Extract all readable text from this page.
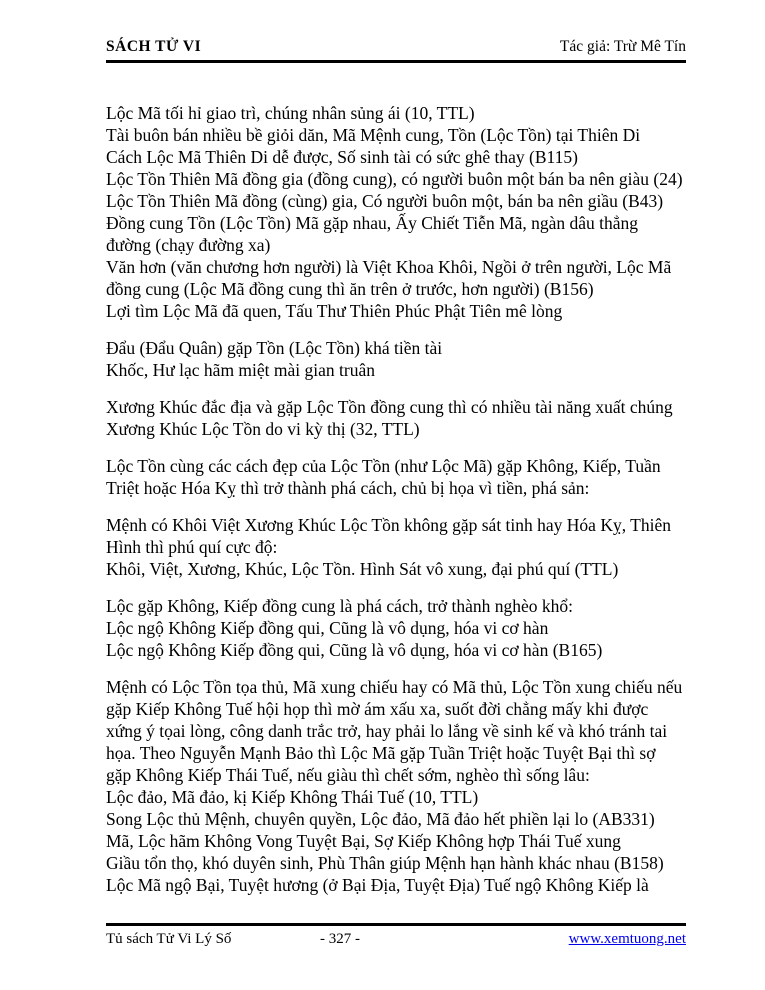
SÁCH TỬ VI	Tác giả: Trừ Mê Tín

Lộc Mã tối hỉ giao trì, chúng nhân sủng ái (10, TTL)
Tài buôn bán nhiều bề giỏi dăn, Mã Mệnh cung, Tồn (Lộc Tồn) tại Thiên Di
Cách Lộc Mã Thiên Di dễ được, Số sinh tài có sức ghê thay (B115)
Lộc Tồn Thiên Mã đồng gia (đồng cung), có người buôn một bán ba nên giàu (24)
Lộc Tồn Thiên Mã đồng (cùng) gia, Có người buôn một, bán ba nên giầu (B43)
Đồng cung Tồn (Lộc Tồn) Mã gặp nhau, Ấy Chiết Tiễn Mã, ngàn dâu thẳng
đường (chạy đường xa)
Văn hơn (văn chương hơn người) là Việt Khoa Khôi, Ngồi ở trên người, Lộc Mã
đồng cung (Lộc Mã đồng cung thì ăn trên ở trước, hơn người) (B156)
Lợi tìm Lộc Mã đã quen, Tấu Thư Thiên Phúc Phật Tiên mê lòng

Đẩu (Đẩu Quân) gặp Tồn (Lộc Tồn) khá tiền tài
Khốc, Hư lạc hãm miệt mài gian truân

Xương Khúc đắc địa và gặp Lộc Tồn đồng cung thì có nhiều tài năng xuất chúng
Xương Khúc Lộc Tồn do vi kỳ thị (32, TTL)

Lộc Tồn cùng các cách đẹp của Lộc Tồn (như Lộc Mã) gặp Không, Kiếp, Tuần
Triệt hoặc Hóa Kỵ thì trở thành phá cách, chủ bị họa vì tiền, phá sản:

Mệnh có Khôi Việt Xương Khúc Lộc Tồn không gặp sát tinh hay Hóa Kỵ, Thiên
Hình thì phú quí cực độ:
Khôi, Việt, Xương, Khúc, Lộc Tồn. Hình Sát vô xung, đại phú quí (TTL)

Lộc gặp Không, Kiếp đồng cung là phá cách, trở thành nghèo khổ:
Lộc ngộ Không Kiếp đồng qui, Cũng là vô dụng, hóa vi cơ hàn
Lộc ngộ Không Kiếp đồng qui, Cũng là vô dụng, hóa vi cơ hàn (B165)

Mệnh có Lộc Tồn tọa thủ, Mã xung chiếu hay có Mã thủ, Lộc Tồn xung chiếu nếu
gặp Kiếp Không Tuế hội họp thì mờ ám xấu xa, suốt đời chẳng mấy khi được
xứng ý tọai lòng, công danh trắc trở, hay phải lo lắng về sinh kế và khó tránh tai
họa. Theo Nguyễn Mạnh Bảo thì Lộc Mã gặp Tuần Triệt hoặc Tuyệt Bại thì sợ
gặp Không Kiếp Thái Tuế, nếu giàu thì chết sớm, nghèo thì sống lâu:
Lộc đảo, Mã đảo, kị Kiếp Không Thái Tuế (10, TTL)
Song Lộc thủ Mệnh, chuyên quyền, Lộc đảo, Mã đảo hết phiền lại lo (AB331)
Mã, Lộc hãm Không Vong Tuyệt Bại, Sợ Kiếp Không hợp Thái Tuế xung
Giầu tổn thọ, khó duyên sinh, Phù Thân giúp Mệnh hạn hành khác nhau (B158)
Lộc Mã ngộ Bại, Tuyệt hương (ở Bại Địa, Tuyệt Địa) Tuế ngộ Không Kiếp là

Tủ sách Tử Vi Lý Số	- 327 -	www.xemtuong.net
